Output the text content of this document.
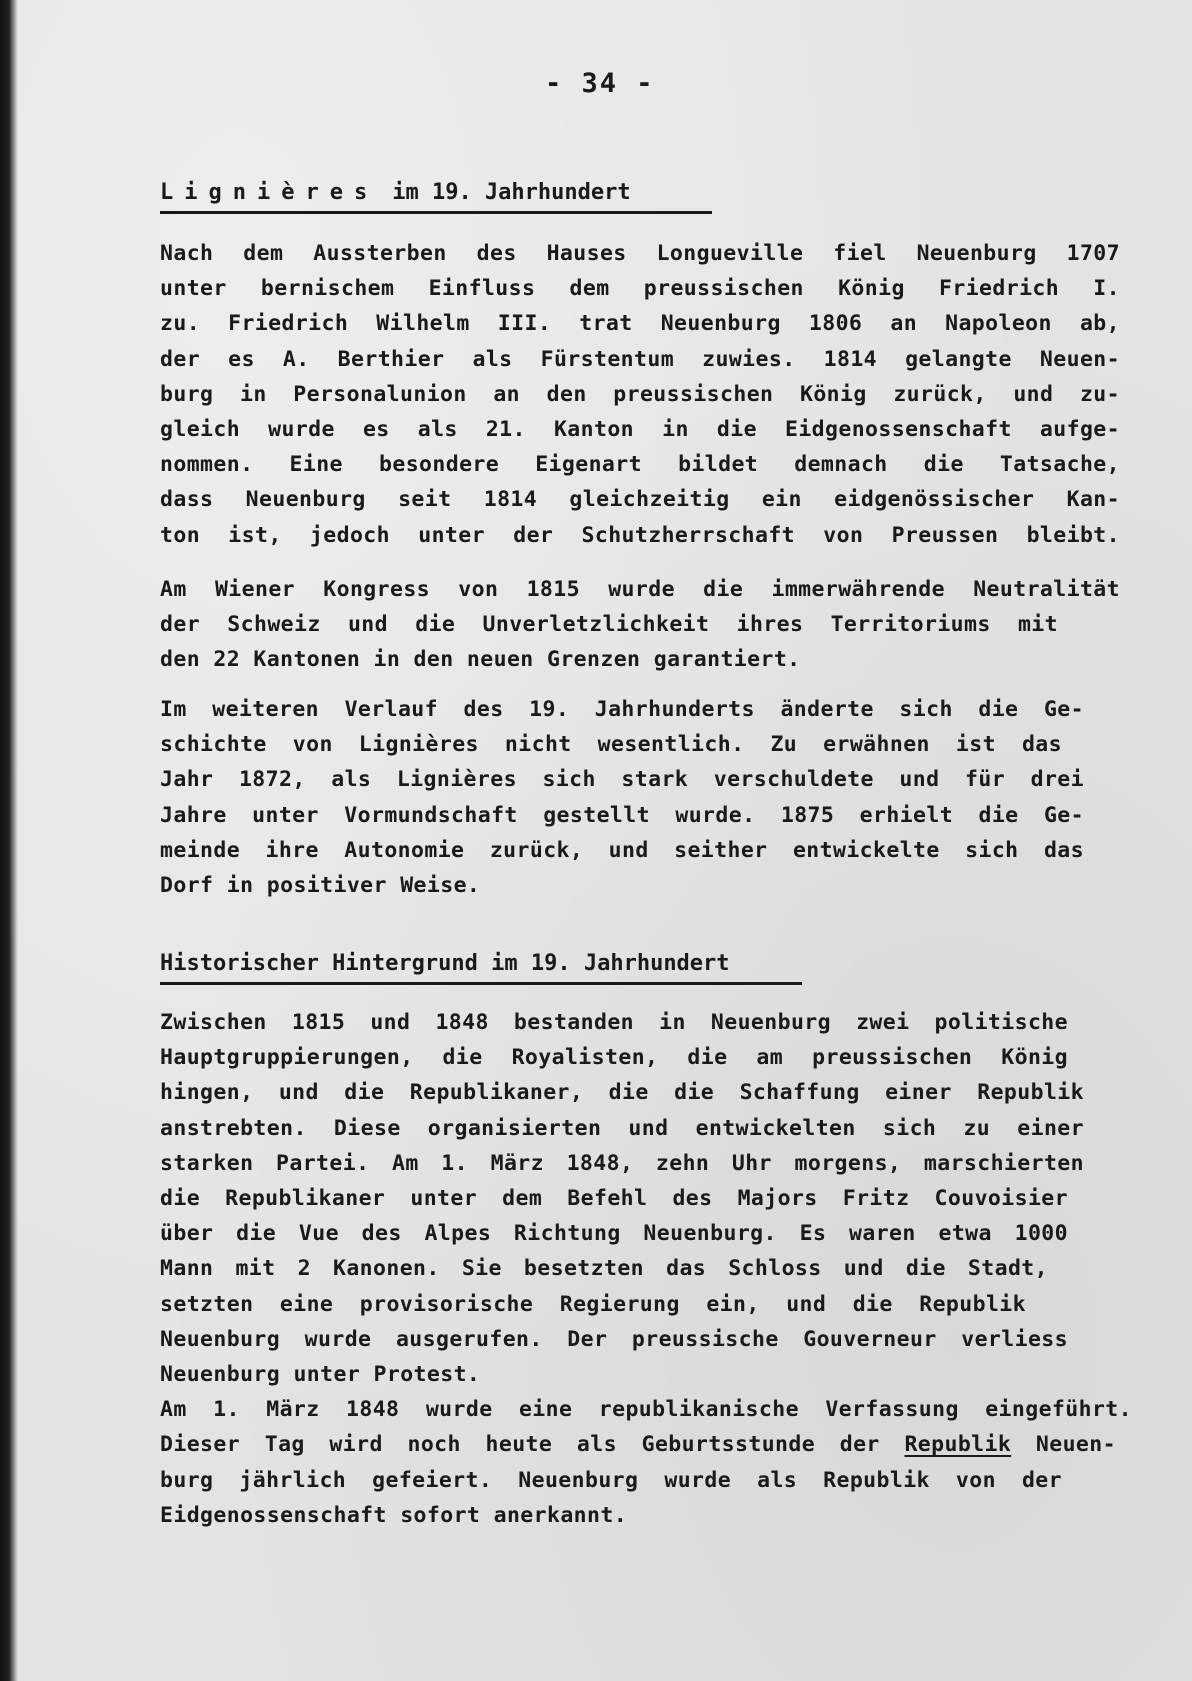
- 34 -
Lignières im 19. Jahrhundert
Nach dem Aussterben des Hauses Longueville fiel Neuenburg 1707
unter bernischem Einfluss dem preussischen König Friedrich I.
zu. Friedrich Wilhelm III. trat Neuenburg 1806 an Napoleon ab,
der es A. Berthier als Fürstentum zuwies. 1814 gelangte Neuen-
burg in Personalunion an den preussischen König zurück, und zu-
gleich wurde es als 21. Kanton in die Eidgenossenschaft aufge-
nommen. Eine besondere Eigenart bildet demnach die Tatsache,
dass Neuenburg seit 1814 gleichzeitig ein eidgenössischer Kan-
ton ist, jedoch unter der Schutzherrschaft von Preussen bleibt.
Am Wiener Kongress von 1815 wurde die immerwährende Neutralität
der Schweiz und die Unverletzlichkeit ihres Territoriums mit
den 22 Kantonen in den neuen Grenzen garantiert.
Im weiteren Verlauf des 19. Jahrhunderts änderte sich die Ge-
schichte von Lignières nicht wesentlich. Zu erwähnen ist das
Jahr 1872, als Lignières sich stark verschuldete und für drei
Jahre unter Vormundschaft gestellt wurde. 1875 erhielt die Ge-
meinde ihre Autonomie zurück, und seither entwickelte sich das
Dorf in positiver Weise.
Historischer Hintergrund im 19. Jahrhundert
Zwischen 1815 und 1848 bestanden in Neuenburg zwei politische
Hauptgruppierungen, die Royalisten, die am preussischen König
hingen, und die Republikaner, die die Schaffung einer Republik
anstrebten. Diese organisierten und entwickelten sich zu einer
starken Partei. Am 1. März 1848, zehn Uhr morgens, marschierten
die Republikaner unter dem Befehl des Majors Fritz Couvoisier
über die Vue des Alpes Richtung Neuenburg. Es waren etwa 1000
Mann mit 2 Kanonen. Sie besetzten das Schloss und die Stadt,
setzten eine provisorische Regierung ein, und die Republik
Neuenburg wurde ausgerufen. Der preussische Gouverneur verliess
Neuenburg unter Protest.
Am 1. März 1848 wurde eine republikanische Verfassung eingeführt.
Dieser Tag wird noch heute als Geburtsstunde der Republik Neuen-
burg jährlich gefeiert. Neuenburg wurde als Republik von der
Eidgenossenschaft sofort anerkannt.
